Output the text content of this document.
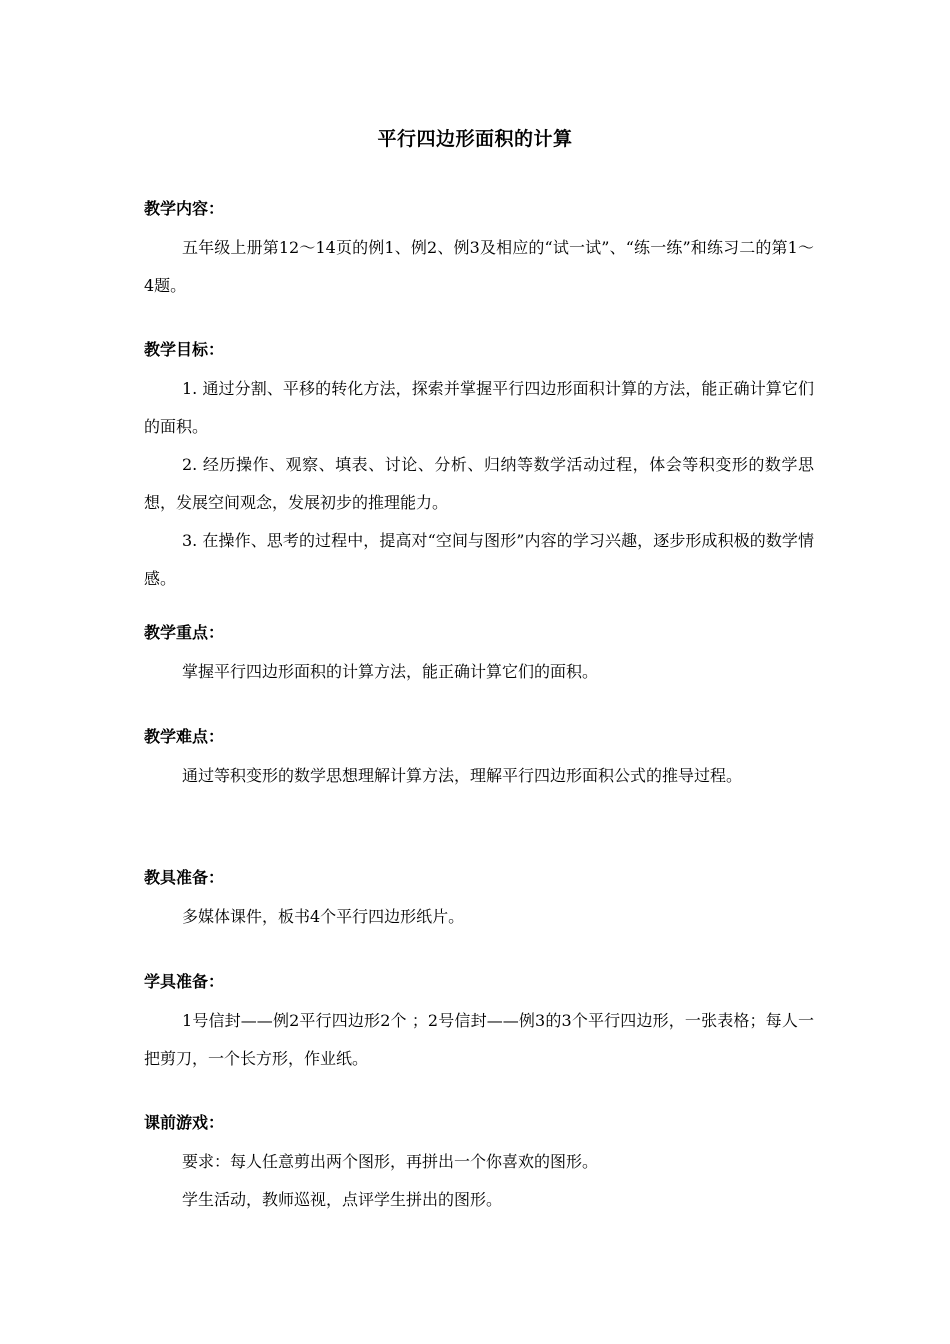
平行四边形面积的计算
教学内容：
五年级上册第12～14页的例1、例2、例3及相应的“试一试”、“练一练”和练习二的第1～4题。
教学目标：
1. 通过分割、平移的转化方法，探索并掌握平行四边形面积计算的方法，能正确计算它们的面积。
2. 经历操作、观察、填表、讨论、分析、归纳等数学活动过程，体会等积变形的数学思想，发展空间观念，发展初步的推理能力。
3. 在操作、思考的过程中，提高对“空间与图形”内容的学习兴趣，逐步形成积极的数学情感。
教学重点：
掌握平行四边形面积的计算方法，能正确计算它们的面积。
教学难点：
通过等积变形的数学思想理解计算方法，理解平行四边形面积公式的推导过程。
教具准备：
多媒体课件，板书4个平行四边形纸片。
学具准备：
1号信封——例2平行四边形2个 ；2号信封——例3的3个平行四边形，一张表格；每人一把剪刀，一个长方形，作业纸。
课前游戏：
要求：每人任意剪出两个图形，再拼出一个你喜欢的图形。
学生活动，教师巡视，点评学生拼出的图形。
